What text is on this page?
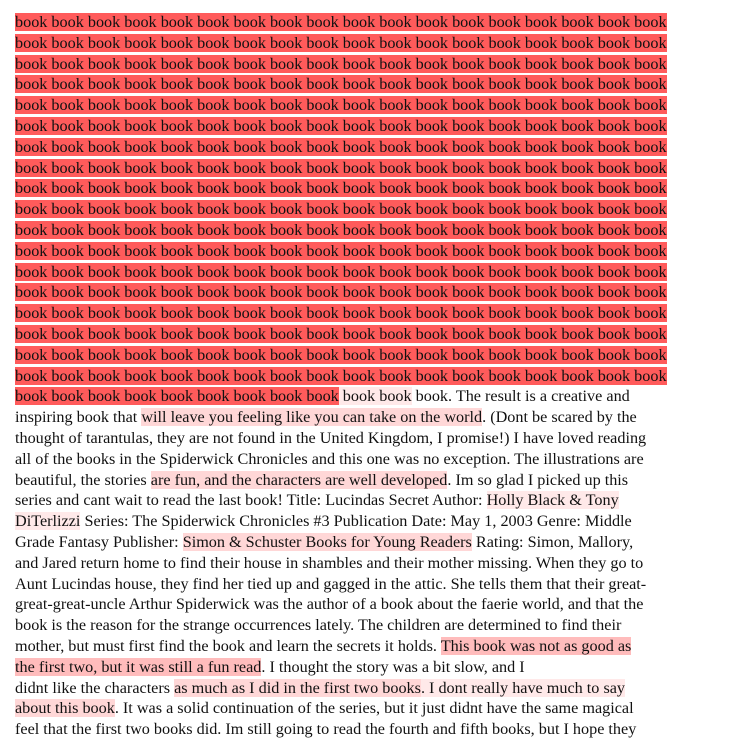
book book book book book book book book book book book book book book book book book book
book book book book book book book book book book book book book book book book book book
book book book book book book book book book book book book book book book book book book
book book book book book book book book book book book book book book book book book book
book book book book book book book book book book book book book book book book book book
book book book book book book book book book book book book book book book book book book
book book book book book book book book book book book book book book book book book book
book book book book book book book book book book book book book book book book book book
book book book book book book book book book book book book book book book book book book
book book book book book book book book book book book book book book book book book book
book book book book book book book book book book book book book book book book book book
book book book book book book book book book book book book book book book book book book
book book book book book book book book book book book book book book book book book book
book book book book book book book book book book book book book book book book book book
book book book book book book book book book book book book book book book book book book
book book book book book book book book book book book book book book book book book book
book book book book book book book book book book book book book book book book book book
book book book book book book book book book book book book book book book book book book
book book book book book book book book book book book book. The result is a creative and
inspiring book that will leave you feeling like you can take on the world. (Dont be scared by the
thought of tarantulas, they are not found in the United Kingdom, I promise!) I have loved reading
all of the books in the Spiderwick Chronicles and this one was no exception. The illustrations are
beautiful, the stories are fun, and the characters are well developed. Im so glad I picked up this
series and cant wait to read the last book! Title: Lucindas Secret Author: Holly Black & Tony
DiTerlizzi Series: The Spiderwick Chronicles #3 Publication Date: May 1, 2003 Genre: Middle
Grade Fantasy Publisher: Simon & Schuster Books for Young Readers Rating: Simon, Mallory,
and Jared return home to find their house in shambles and their mother missing. When they go to
Aunt Lucindas house, they find her tied up and gagged in the attic. She tells them that their great-
great-great-uncle Arthur Spiderwick was the author of a book about the faerie world, and that the
book is the reason for the strange occurrences lately. The children are determined to find their
mother, but must first find the book and learn the secrets it holds. This book was not as good as
the first two, but it was still a fun read. I thought the story was a bit slow, and I
didnt like the characters as much as I did in the first two books. I dont really have much to say
about this book. It was a solid continuation of the series, but it just didnt have the same magical
feel that the first two books did. Im still going to read the fourth and fifth books, but I hope they
